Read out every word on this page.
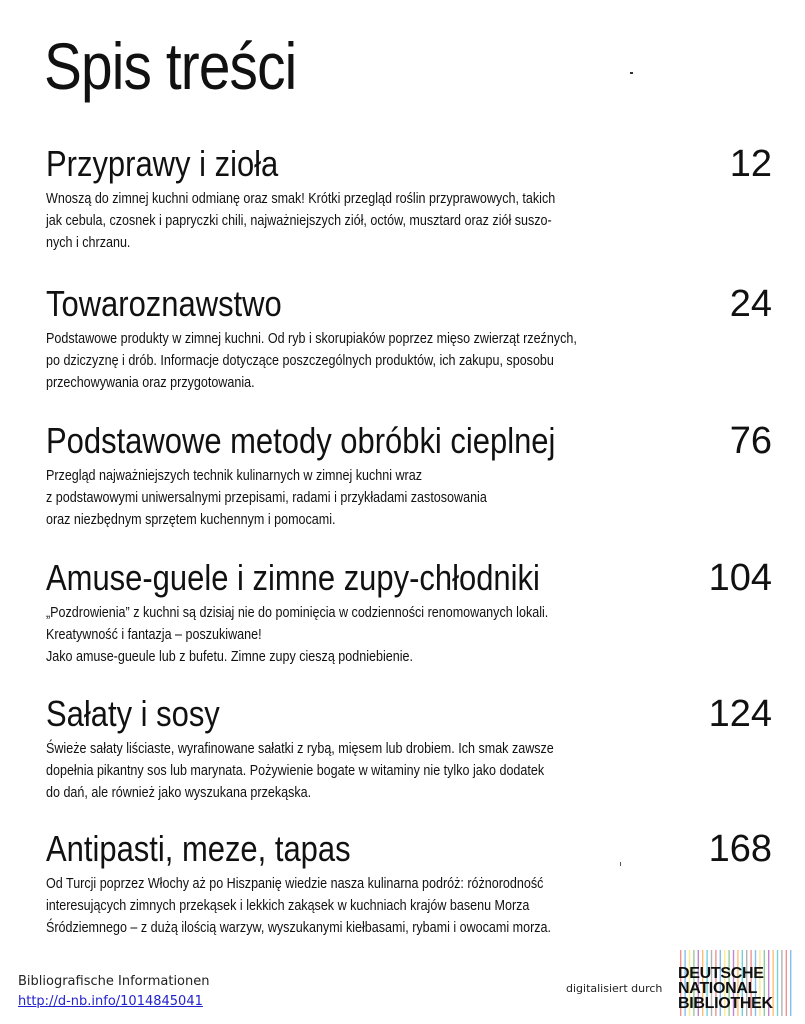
Spis treści
Przyprawy i zioła	12
Wnoszą do zimnej kuchni odmianę oraz smak! Krótki przegląd roślin przyprawowych, takich
jak cebula, czosnek i papryczki chili, najważniejszych ziół, octów, musztard oraz ziół suszo-
nych i chrzanu.
Towaroznawstwo	24
Podstawowe produkty w zimnej kuchni. Od ryb i skorupiaków poprzez mięso zwierząt rzeźnych,
po dziczyznę i drób. Informacje dotyczące poszczególnych produktów, ich zakupu, sposobu
przechowywania oraz przygotowania.
Podstawowe metody obróbki cieplnej	76
Przegląd najważniejszych technik kulinarnych w zimnej kuchni wraz
z podstawowymi uniwersalnymi przepisami, radami i przykładami zastosowania
oraz niezbędnym sprzętem kuchennym i pomocami.
Amuse-guele i zimne zupy-chłodniki	104
„Pozdrowienia” z kuchni są dzisiaj nie do pominięcia w codzienności renomowanych lokali.
Kreatywność i fantazja – poszukiwane!
Jako amuse-gueule lub z bufetu. Zimne zupy cieszą podniebienie.
Sałaty i sosy	124
Świeże sałaty liściaste, wyrafinowane sałatki z rybą, mięsem lub drobiem. Ich smak zawsze
dopełnia pikantny sos lub marynata. Pożywienie bogate w witaminy nie tylko jako dodatek
do dań, ale również jako wyszukana przekąska.
Antipasti, meze, tapas	168
Od Turcji poprzez Włochy aż po Hiszpanię wiedzie nasza kulinarna podróż: różnorodność
interesujących zimnych przekąsek i lekkich zakąsek w kuchniach krajów basenu Morza
Śródziemnego – z dużą ilością warzyw, wyszukanymi kiełbasami, rybami i owocami morza.
Bibliografische Informationen
http://d-nb.info/1014845041
digitalisiert durch
DEUTSCHE
NATIONAL
BIBLIOTHEK
